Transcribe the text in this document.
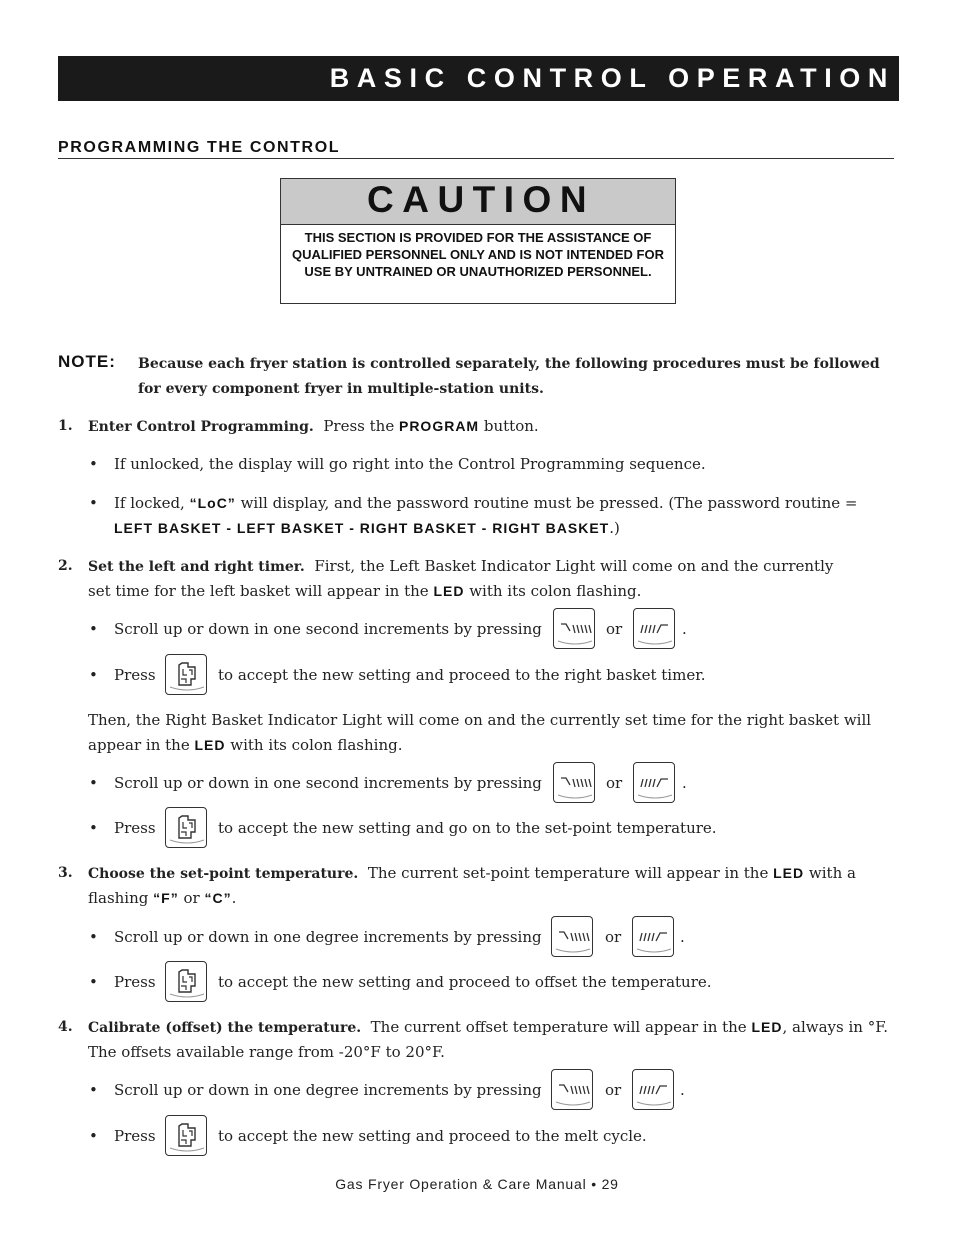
BASIC CONTROL OPERATION
PROGRAMMING THE CONTROL
CAUTION
THIS SECTION IS PROVIDED FOR THE ASSISTANCE OF QUALIFIED PERSONNEL ONLY AND IS NOT INTENDED FOR USE BY UNTRAINED OR UNAUTHORIZED PERSONNEL.
NOTE: Because each fryer station is controlled separately, the following procedures must be followed for every component fryer in multiple-station units.
1. Enter Control Programming. Press the PROGRAM button.
• If unlocked, the display will go right into the Control Programming sequence.
• If locked, “LoC” will display, and the password routine must be pressed. (The password routine =
LEFT BASKET - LEFT BASKET - RIGHT BASKET - RIGHT BASKET.)
2. Set the left and right timer. First, the Left Basket Indicator Light will come on and the currently
set time for the left basket will appear in the LED with its colon flashing.
• Scroll up or down in one second increments by pressing	or	.
• Press	to accept the new setting and proceed to the right basket timer.
Then, the Right Basket Indicator Light will come on and the currently set time for the right basket will
appear in the LED with its colon flashing.
• Scroll up or down in one second increments by pressing	or	.
• Press	to accept the new setting and go on to the set-point temperature.
3. Choose the set-point temperature. The current set-point temperature will appear in the LED with a
flashing “F” or “C”.
• Scroll up or down in one degree increments by pressing	or	.
• Press	to accept the new setting and proceed to offset the temperature.
4. Calibrate (offset) the temperature. The current offset temperature will appear in the LED, always in °F.
The offsets available range from -20°F to 20°F.
• Scroll up or down in one degree increments by pressing	or	.
• Press	to accept the new setting and proceed to the melt cycle.
Gas Fryer Operation & Care Manual • 29
